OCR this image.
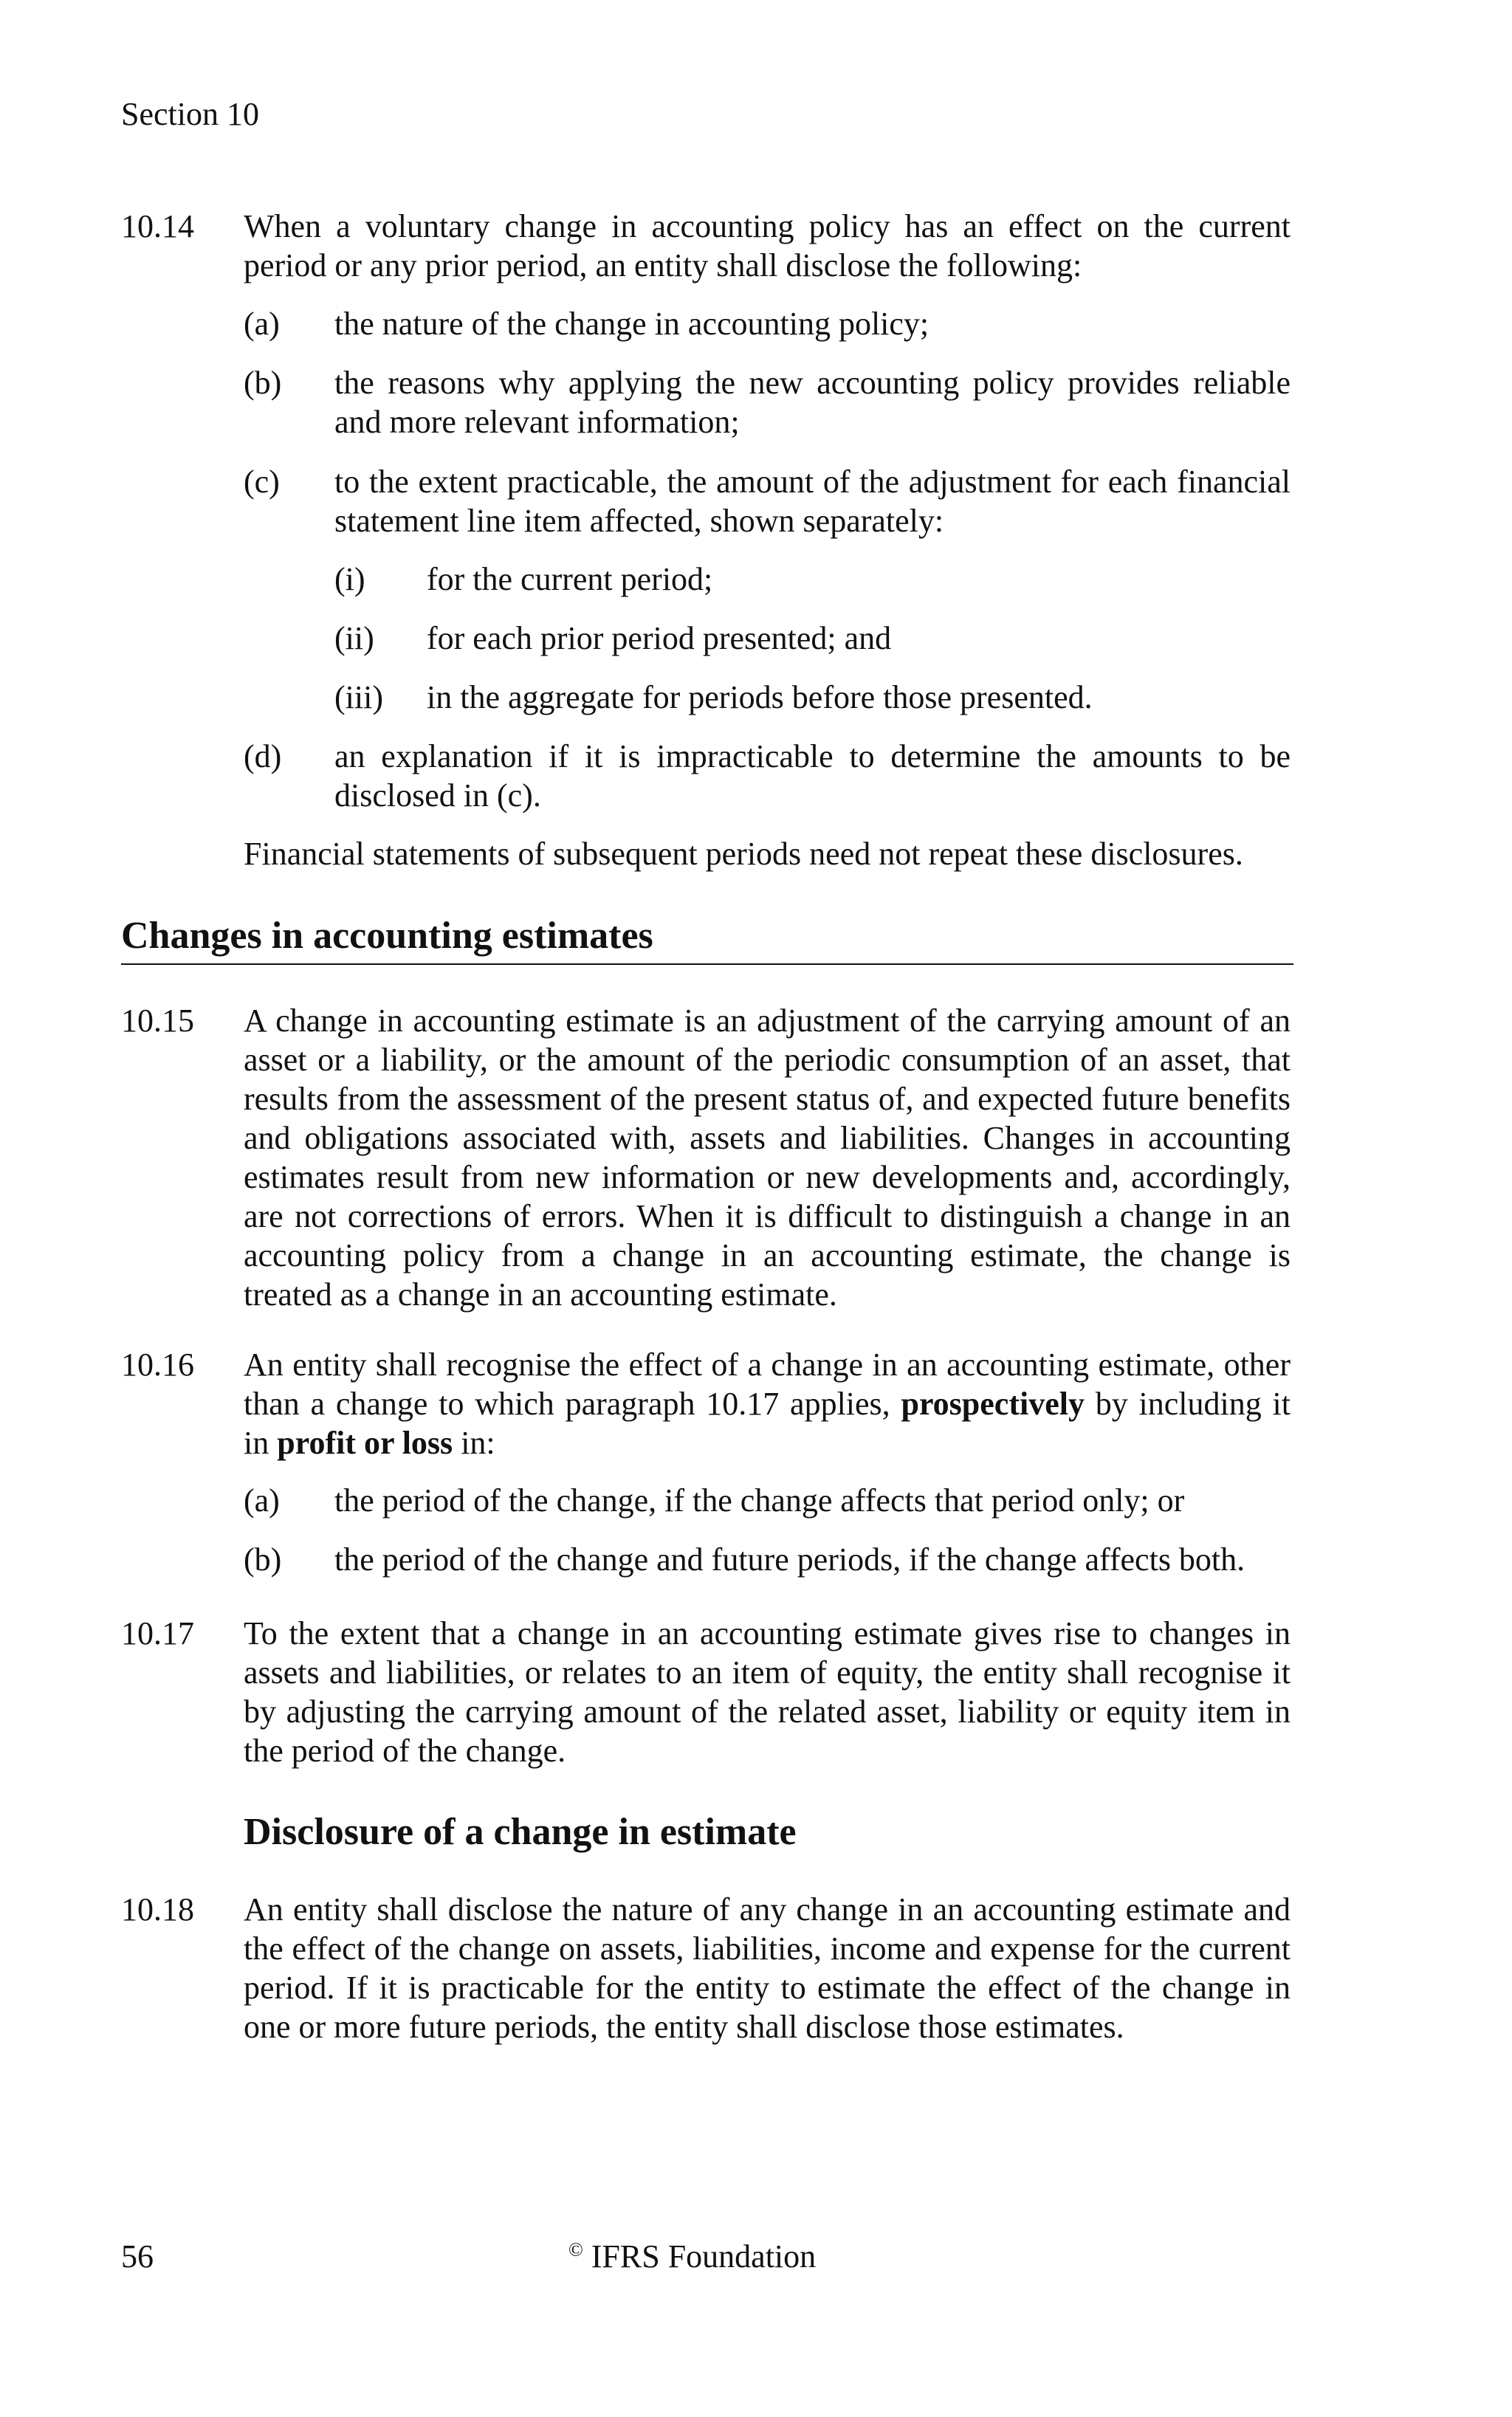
Section 10
10.14 When a voluntary change in accounting policy has an effect on the current period or any prior period, an entity shall disclose the following:
(a) the nature of the change in accounting policy;
(b) the reasons why applying the new accounting policy provides reliable and more relevant information;
(c) to the extent practicable, the amount of the adjustment for each financial statement line item affected, shown separately:
(i) for the current period;
(ii) for each prior period presented; and
(iii) in the aggregate for periods before those presented.
(d) an explanation if it is impracticable to determine the amounts to be disclosed in (c).
Financial statements of subsequent periods need not repeat these disclosures.
Changes in accounting estimates
10.15 A change in accounting estimate is an adjustment of the carrying amount of an asset or a liability, or the amount of the periodic consumption of an asset, that results from the assessment of the present status of, and expected future benefits and obligations associated with, assets and liabilities. Changes in accounting estimates result from new information or new developments and, accordingly, are not corrections of errors. When it is difficult to distinguish a change in an accounting policy from a change in an accounting estimate, the change is treated as a change in an accounting estimate.
10.16 An entity shall recognise the effect of a change in an accounting estimate, other than a change to which paragraph 10.17 applies, prospectively by including it in profit or loss in:
(a) the period of the change, if the change affects that period only; or
(b) the period of the change and future periods, if the change affects both.
10.17 To the extent that a change in an accounting estimate gives rise to changes in assets and liabilities, or relates to an item of equity, the entity shall recognise it by adjusting the carrying amount of the related asset, liability or equity item in the period of the change.
Disclosure of a change in estimate
10.18 An entity shall disclose the nature of any change in an accounting estimate and the effect of the change on assets, liabilities, income and expense for the current period. If it is practicable for the entity to estimate the effect of the change in one or more future periods, the entity shall disclose those estimates.
56	© IFRS Foundation
